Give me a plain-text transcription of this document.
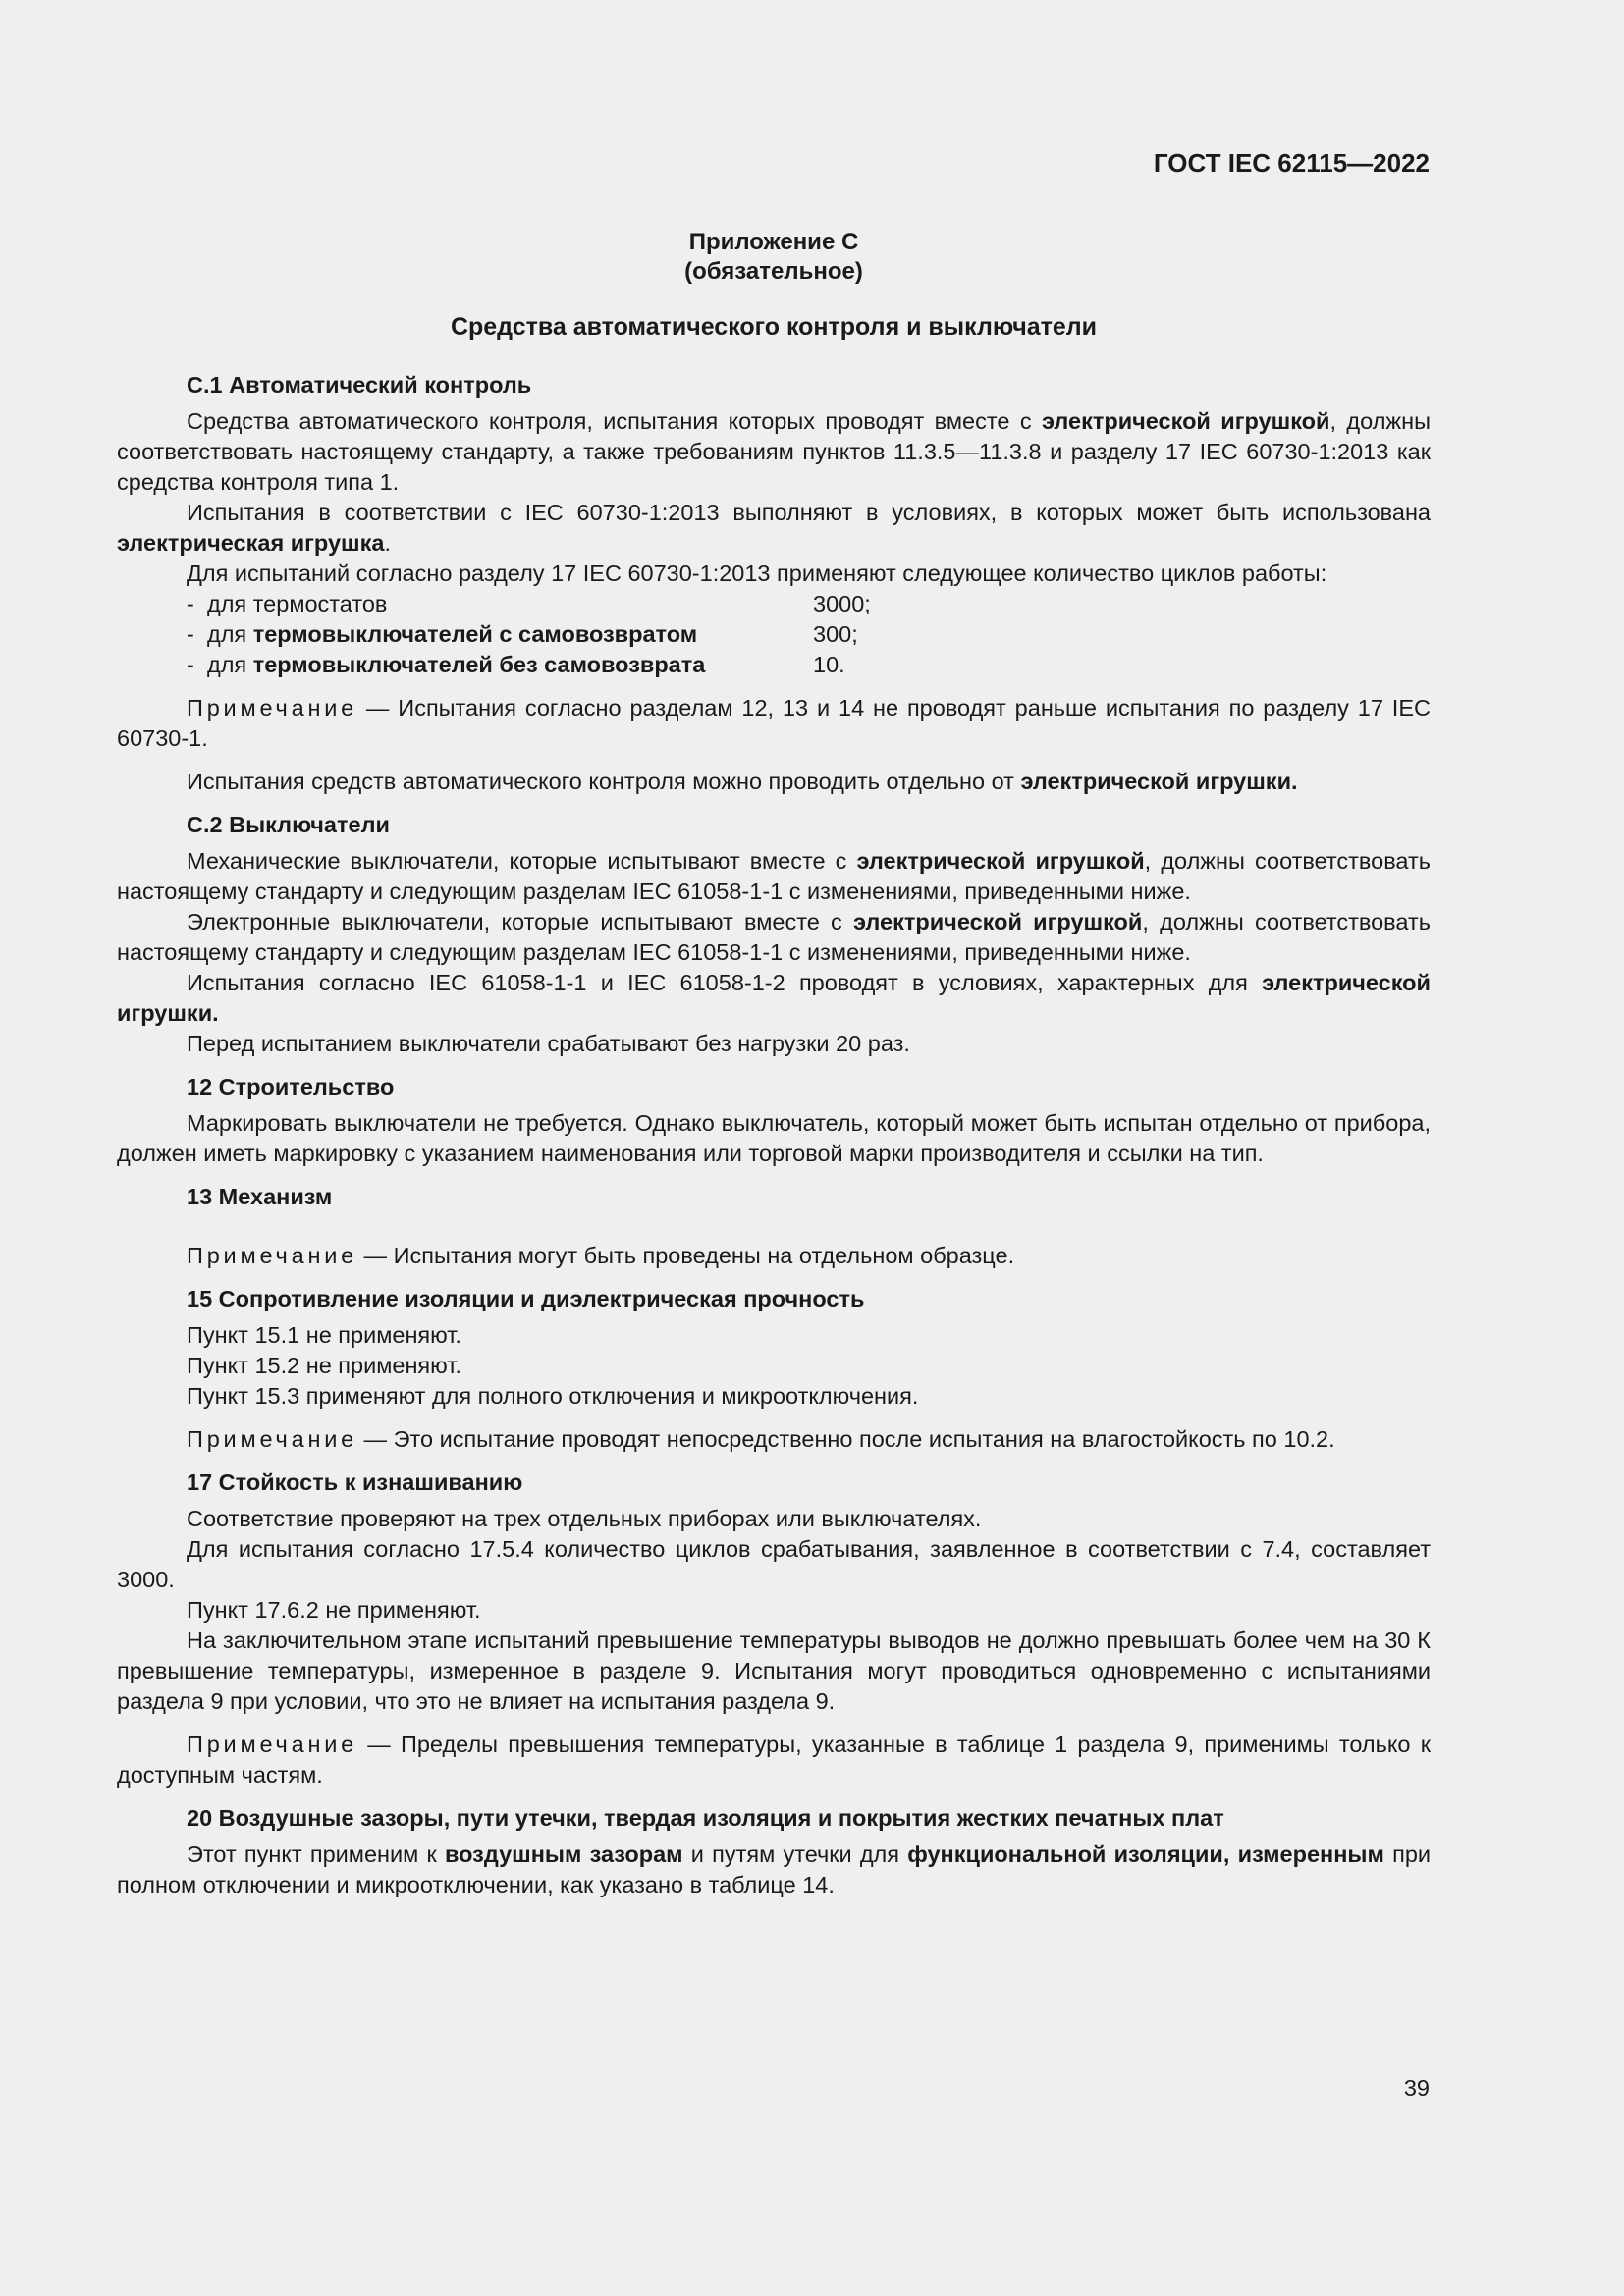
ГОСТ IEC 62115—2022
Приложение С
(обязательное)
Средства автоматического контроля и выключатели

С.1 Автоматический контроль

Средства автоматического контроля, испытания которых проводят вместе с электрической игрушкой, должны соответствовать настоящему стандарту, а также требованиям пунктов 11.3.5—11.3.8 и разделу 17 IEC 60730-1:2013 как средства контроля типа 1.

Испытания в соответствии с IEC 60730-1:2013 выполняют в условиях, в которых может быть использована электрическая игрушка.

Для испытаний согласно разделу 17 IEC 60730-1:2013 применяют следующее количество циклов работы:

- для термостатов	3000;
- для термовыключателей с самовозвратом	300;
- для термовыключателей без самовозврата	10.

Примечание — Испытания согласно разделам 12, 13 и 14 не проводят раньше испытания по разделу 17 IEC 60730-1.

Испытания средств автоматического контроля можно проводить отдельно от электрической игрушки.

С.2 Выключатели

Механические выключатели, которые испытывают вместе с электрической игрушкой, должны соответствовать настоящему стандарту и следующим разделам IEC 61058-1-1 с изменениями, приведенными ниже.

Электронные выключатели, которые испытывают вместе с электрической игрушкой, должны соответствовать настоящему стандарту и следующим разделам IEC 61058-1-1 с изменениями, приведенными ниже.

Испытания согласно IEC 61058-1-1 и IEC 61058-1-2 проводят в условиях, характерных для электрической игрушки.

Перед испытанием выключатели срабатывают без нагрузки 20 раз.

12 Строительство

Маркировать выключатели не требуется. Однако выключатель, который может быть испытан отдельно от прибора, должен иметь маркировку с указанием наименования или торговой марки производителя и ссылки на тип.

13 Механизм

Примечание — Испытания могут быть проведены на отдельном образце.

15 Сопротивление изоляции и диэлектрическая прочность

Пункт 15.1 не применяют.

Пункт 15.2 не применяют.

Пункт 15.3 применяют для полного отключения и микроотключения.

Примечание — Это испытание проводят непосредственно после испытания на влагостойкость по 10.2.

17 Стойкость к изнашиванию

Соответствие проверяют на трех отдельных приборах или выключателях.

Для испытания согласно 17.5.4 количество циклов срабатывания, заявленное в соответствии с 7.4, составляет 3000.

Пункт 17.6.2 не применяют.

На заключительном этапе испытаний превышение температуры выводов не должно превышать более чем на 30 К превышение температуры, измеренное в разделе 9. Испытания могут проводиться одновременно с испытаниями раздела 9 при условии, что это не влияет на испытания раздела 9.

Примечание — Пределы превышения температуры, указанные в таблице 1 раздела 9, применимы только к доступным частям.

20 Воздушные зазоры, пути утечки, твердая изоляция и покрытия жестких печатных плат

Этот пункт применим к воздушным зазорам и путям утечки для функциональной изоляции, измеренным при полном отключении и микроотключении, как указано в таблице 14.

39
